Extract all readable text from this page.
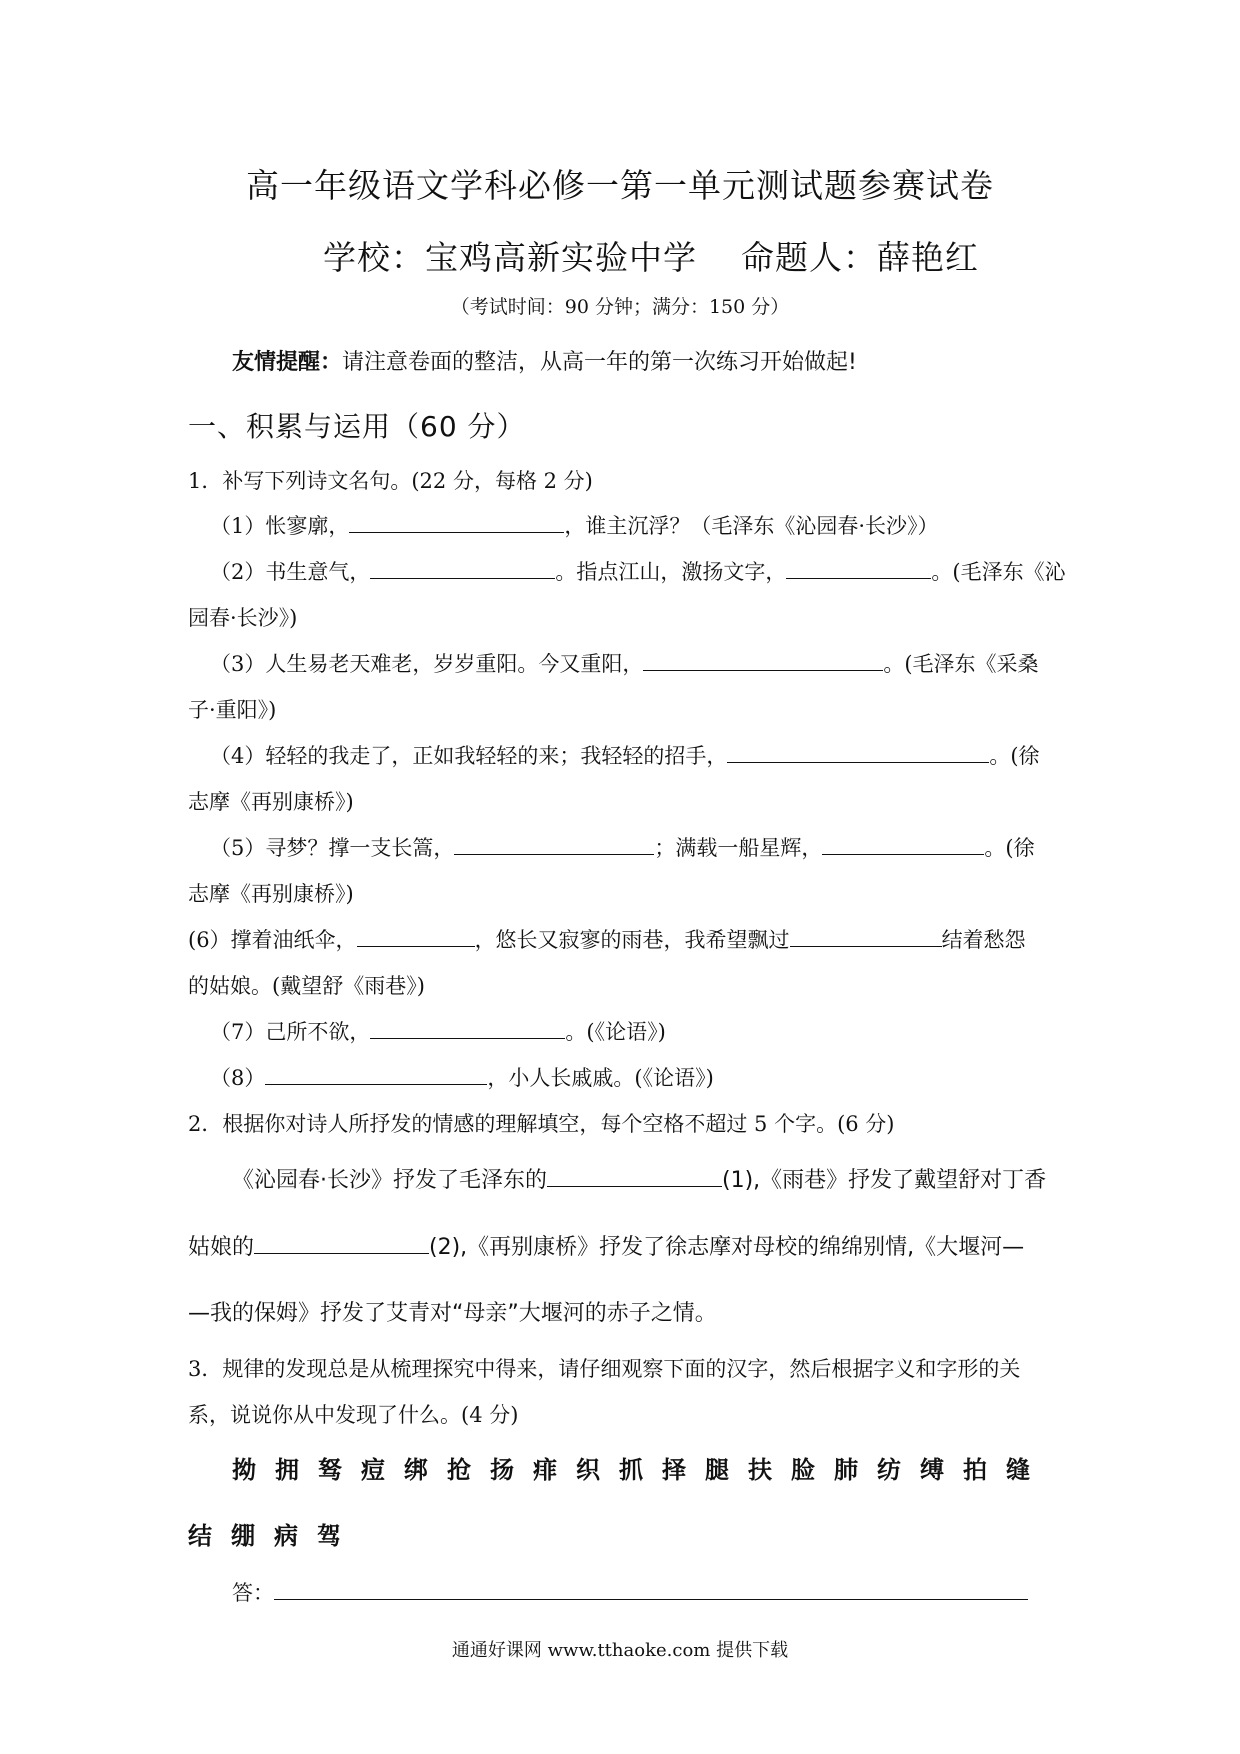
高一年级语文学科必修一第一单元测试题参赛试卷
学校：宝鸡高新实验中学 命题人：薛艳红
（考试时间：90 分钟；满分：150 分）
友情提醒：请注意卷面的整洁，从高一年的第一次练习开始做起!
一、积累与运用（60 分）
1．补写下列诗文名句。(22 分，每格 2 分)
（1）怅寥廓，	，谁主沉浮？（毛泽东《沁园春·长沙》）
（2）书生意气，	。指点江山，激扬文字，	。(毛泽东《沁
园春·长沙》)
（3）人生易老天难老，岁岁重阳。今又重阳，	。(毛泽东《采桑
子·重阳》)
（4）轻轻的我走了，正如我轻轻的来；我轻轻的招手，	。(徐
志摩《再别康桥》)
（5）寻梦？撑一支长篙，	；满载一船星辉，	。(徐
志摩《再别康桥》)
(6）撑着油纸伞，	，悠长又寂寥的雨巷，我希望飘过	结着愁怨
的姑娘。(戴望舒《雨巷》)
（7）己所不欲，	。(《论语》)
（8）	，小人长戚戚。(《论语》)
2．根据你对诗人所抒发的情感的理解填空，每个空格不超过 5 个字。(6 分)
《沁园春·长沙》抒发了毛泽东的	(1),《雨巷》抒发了戴望舒对丁香
姑娘的	(2),《再别康桥》抒发了徐志摩对母校的绵绵别情,《大堰河—
—我的保姆》抒发了艾青对“母亲”大堰河的赤子之情。
3．规律的发现总是从梳理探究中得来，请仔细观察下面的汉字，然后根据字义和字形的关
系，说说你从中发现了什么。(4 分)
拗 拥 驽 痘 绑 抢 扬 痱 织 抓 择 腿 扶 脸 肺 纺 缚 拍 缝
结 绷 病 驾
答：
通通好课网 www.tthaoke.com 提供下载
